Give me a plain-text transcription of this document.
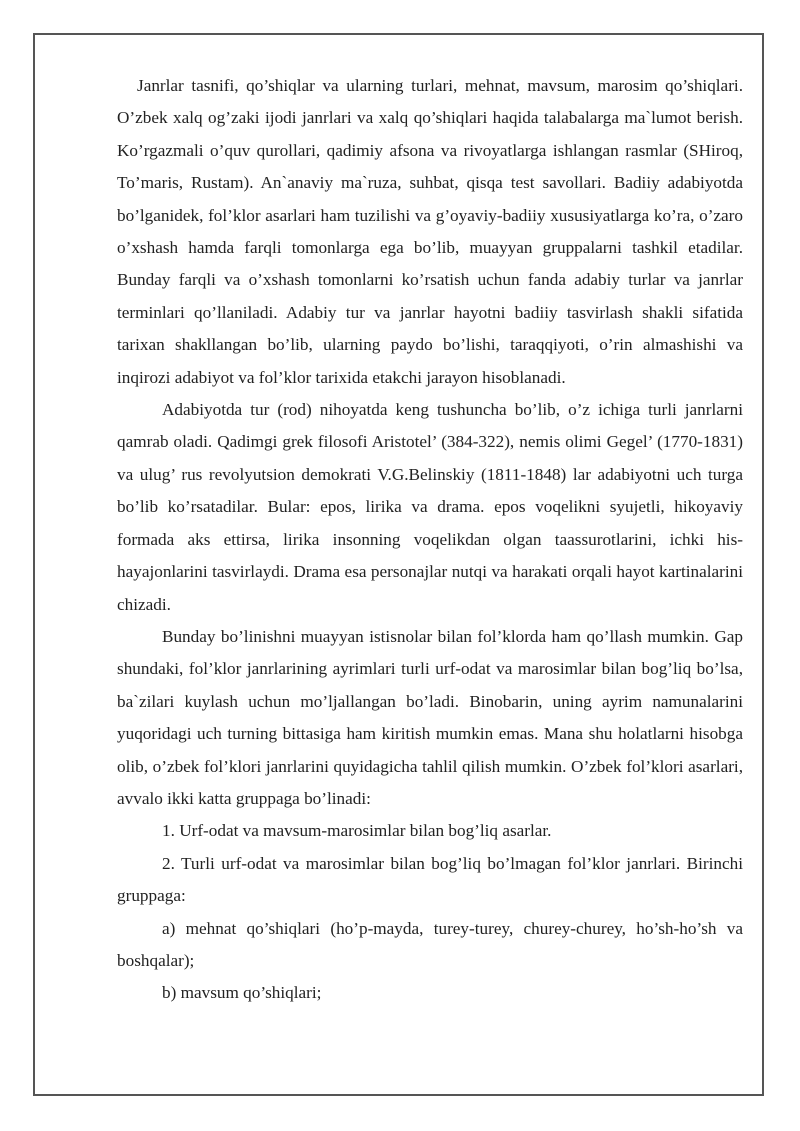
Janrlar tasnifi, qo’shiqlar va ularning turlari, mehnat, mavsum, marosim qo’shiqlari. O’zbek xalq og’zaki ijodi janrlari va xalq qo’shiqlari haqida talabalarga ma`lumot berish. Ko’rgazmali o’quv qurollari, qadimiy afsona va rivoyatlarga ishlangan rasmlar (SHiroq, To’maris, Rustam). An`anaviy ma`ruza, suhbat, qisqa test savollari. Badiiy adabiyotda bo’lganidek, fol’klor asarlari ham tuzilishi va g’oyaviy-badiiy xususiyatlarga ko’ra, o’zaro o’xshash hamda farqli tomonlarga ega bo’lib, muayyan gruppalarni tashkil etadilar. Bunday farqli va o’xshash tomonlarni ko’rsatish uchun fanda adabiy turlar va janrlar terminlari qo’llaniladi. Adabiy tur va janrlar hayotni badiiy tasvirlash shakli sifatida tarixan shakllangan bo’lib, ularning paydo bo’lishi, taraqqiyoti, o’rin almashishi va inqirozi adabiyot va fol’klor tarixida etakchi jarayon hisoblanadi.

Adabiyotda tur (rod) nihoyatda keng tushuncha bo’lib, o’z ichiga turli janrlarni qamrab oladi. Qadimgi grek filosofi Aristotel’ (384-322), nemis olimi Gegel’ (1770-1831) va ulug’ rus revolyutsion demokrati V.G.Belinskiy (1811-1848) lar adabiyotni uch turga bo’lib ko’rsatadilar. Bular: epos, lirika va drama. epos voqelikni syujetli, hikoyaviy formada aks ettirsa, lirika insonning voqelikdan olgan taassurotlarini, ichki his-hayajonlarini tasvirlaydi. Drama esa personajlar nutqi va harakati orqali hayot kartinalarini chizadi.

Bunday bo’linishni muayyan istisnolar bilan fol’klorda ham qo’llash mumkin. Gap shundaki, fol’klor janrlarining ayrimlari turli urf-odat va marosimlar bilan bog’liq bo’lsa, ba`zilari kuylash uchun mo’ljallangan bo’ladi. Binobarin, uning ayrim namunalarini yuqoridagi uch turning bittasiga ham kiritish mumkin emas. Mana shu holatlarni hisobga olib, o’zbek fol’klori janrlarini quyidagicha tahlil qilish mumkin. O’zbek fol’klori asarlari, avvalo ikki katta gruppaga bo’linadi:

1. Urf-odat va mavsum-marosimlar bilan bog’liq asarlar.

2. Turli urf-odat va marosimlar bilan bog’liq bo’lmagan fol’klor janrlari. Birinchi gruppaga:

a) mehnat qo’shiqlari (ho’p-mayda, turey-turey, churey-churey, ho’sh-ho’sh va boshqalar);

b) mavsum qo’shiqlari;
